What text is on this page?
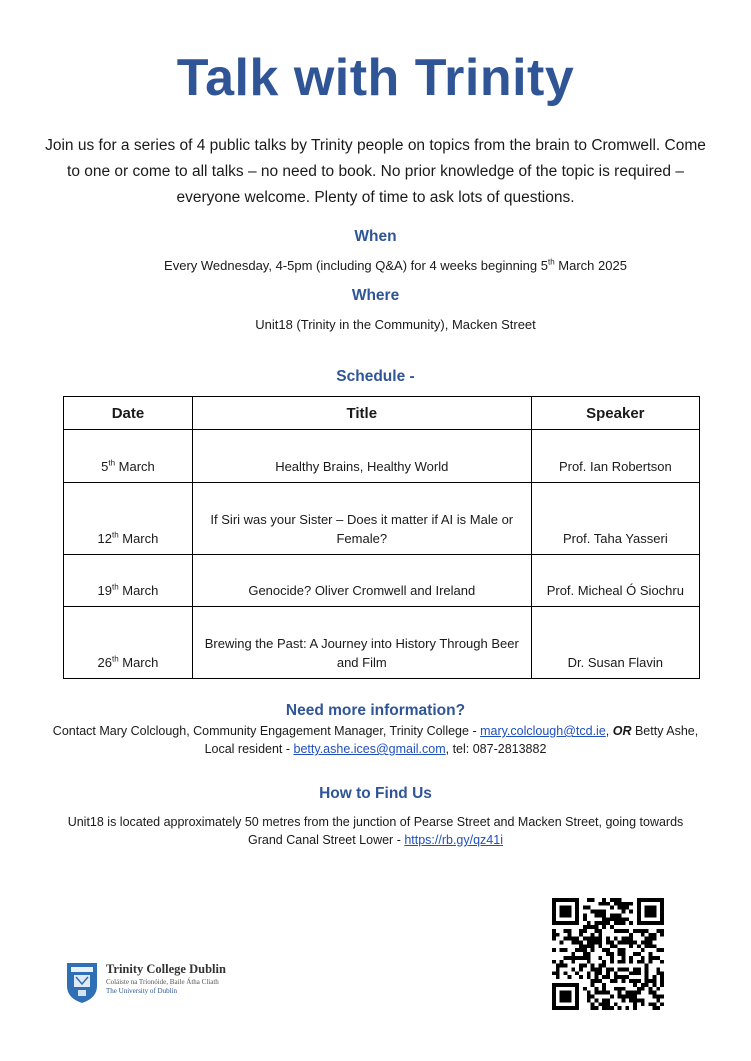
Talk with Trinity
Join us for a series of 4 public talks by Trinity people on topics from the brain to Cromwell. Come to one or come to all talks – no need to book. No prior knowledge of the topic is required – everyone welcome. Plenty of time to ask lots of questions.
When
Every Wednesday, 4-5pm (including Q&A) for 4 weeks beginning 5th March 2025
Where
Unit18 (Trinity in the Community), Macken Street
Schedule -
Date	Title	Speaker
5th March	Healthy Brains, Healthy World	Prof. Ian Robertson
12th March	If Siri was your Sister – Does it matter if AI is Male or Female?	Prof. Taha Yasseri
19th March	Genocide? Oliver Cromwell and Ireland	Prof. Micheal Ó Siochru
26th March	Brewing the Past: A Journey into History Through Beer and Film	Dr. Susan Flavin
Need more information?
Contact Mary Colclough, Community Engagement Manager, Trinity College - mary.colclough@tcd.ie, OR Betty Ashe,
Local resident - betty.ashe.ices@gmail.com, tel: 087-2813882
How to Find Us
Unit18 is located approximately 50 metres from the junction of Pearse Street and Macken Street, going towards
Grand Canal Street Lower - https://rb.gy/qz41i
Trinity College Dublin
Coláiste na Tríonóide, Baile Átha Cliath
The University of Dublin
